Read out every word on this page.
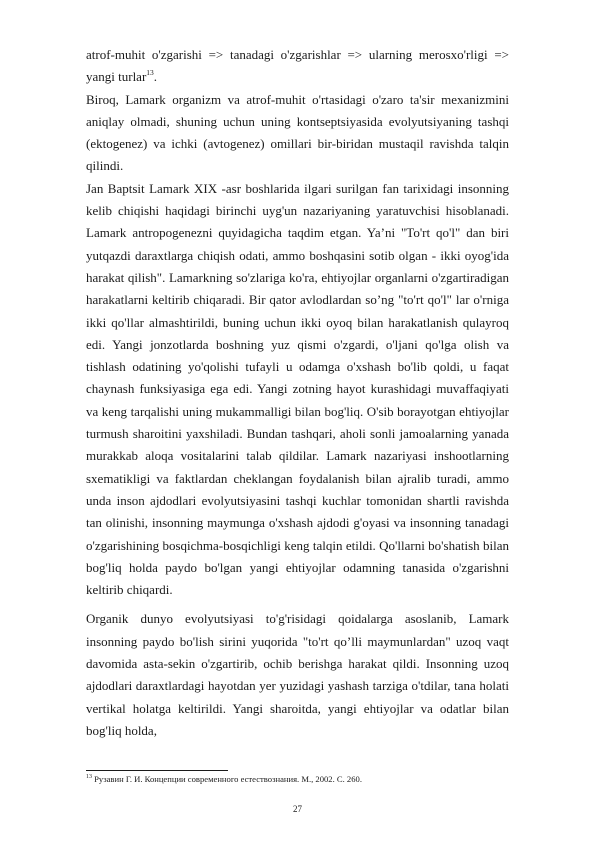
atrof-muhit o'zgarishi => tanadagi o'zgarishlar => ularning merosxo'rligi => yangi turlar$^{13}$.

Biroq, Lamark organizm va atrof-muhit o'rtasidagi o'zaro ta'sir mexanizmini aniqlay olmadi, shuning uchun uning kontseptsiyasida evolyutsiyaning tashqi (ektogenez) va ichki (avtogenez) omillari bir-biridan mustaqil ravishda talqin qilindi.

Jan Baptsit Lamark XIX -asr boshlarida ilgari surilgan fan tarixidagi insonning kelib chiqishi haqidagi birinchi uyg'un nazariyaning yaratuvchisi hisoblanadi. Lamark antropogenezni quyidagicha taqdim etgan. Ya’ni "To'rt qo'l" dan biri yutqazdi daraxtlarga chiqish odati, ammo boshqasini sotib olgan - ikki oyog'ida harakat qilish". Lamarkning so'zlariga ko'ra, ehtiyojlar organlarni o'zgartiradigan harakatlarni keltirib chiqaradi. Bir qator avlodlardan so’ng "to'rt qo'l" lar o'rniga ikki qo'llar almashtirildi, buning uchun ikki oyoq bilan harakatlanish qulayroq edi. Yangi jonzotlarda boshning yuz qismi o'zgardi, o'ljani qo'lga olish va tishlash odatining yo'qolishi tufayli u odamga o'xshash bo'lib qoldi, u faqat chaynash funksiyasiga ega edi. Yangi zotning hayot kurashidagi muvaffaqiyati va keng tarqalishi uning mukammalligi bilan bog'liq. O'sib borayotgan ehtiyojlar turmush sharoitini yaxshiladi. Bundan tashqari, aholi sonli jamoalarning yanada murakkab aloqa vositalarini talab qildilar. Lamark nazariyasi inshootlarning sxematikligi va faktlardan cheklangan foydalanish bilan ajralib turadi, ammo unda inson ajdodlari evolyutsiyasini tashqi kuchlar tomonidan shartli ravishda tan olinishi, insonning maymunga o'xshash ajdodi g'oyasi va insonning tanadagi o'zgarishining bosqichma-bosqichligi keng talqin etildi. Qo'llarni bo'shatish bilan bog'liq holda paydo bo'lgan yangi ehtiyojlar odamning tanasida o'zgarishni keltirib chiqardi.

Organik dunyo evolyutsiyasi to'g'risidagi qoidalarga asoslanib, Lamark insonning paydo bo'lish sirini yuqorida "to'rt qo’lli maymunlardan" uzoq vaqt davomida asta-sekin o'zgartirib, ochib berishga harakat qildi. Insonning uzoq ajdodlari daraxtlardagi hayotdan yer yuzidagi yashash tarziga o'tdilar, tana holati vertikal holatga keltirildi. Yangi sharoitda, yangi ehtiyojlar va odatlar bilan bog'liq holda,

$^{13}$ Рузавин Г. И. Концепции современного естествознания. М., 2002. С. 260.
27
